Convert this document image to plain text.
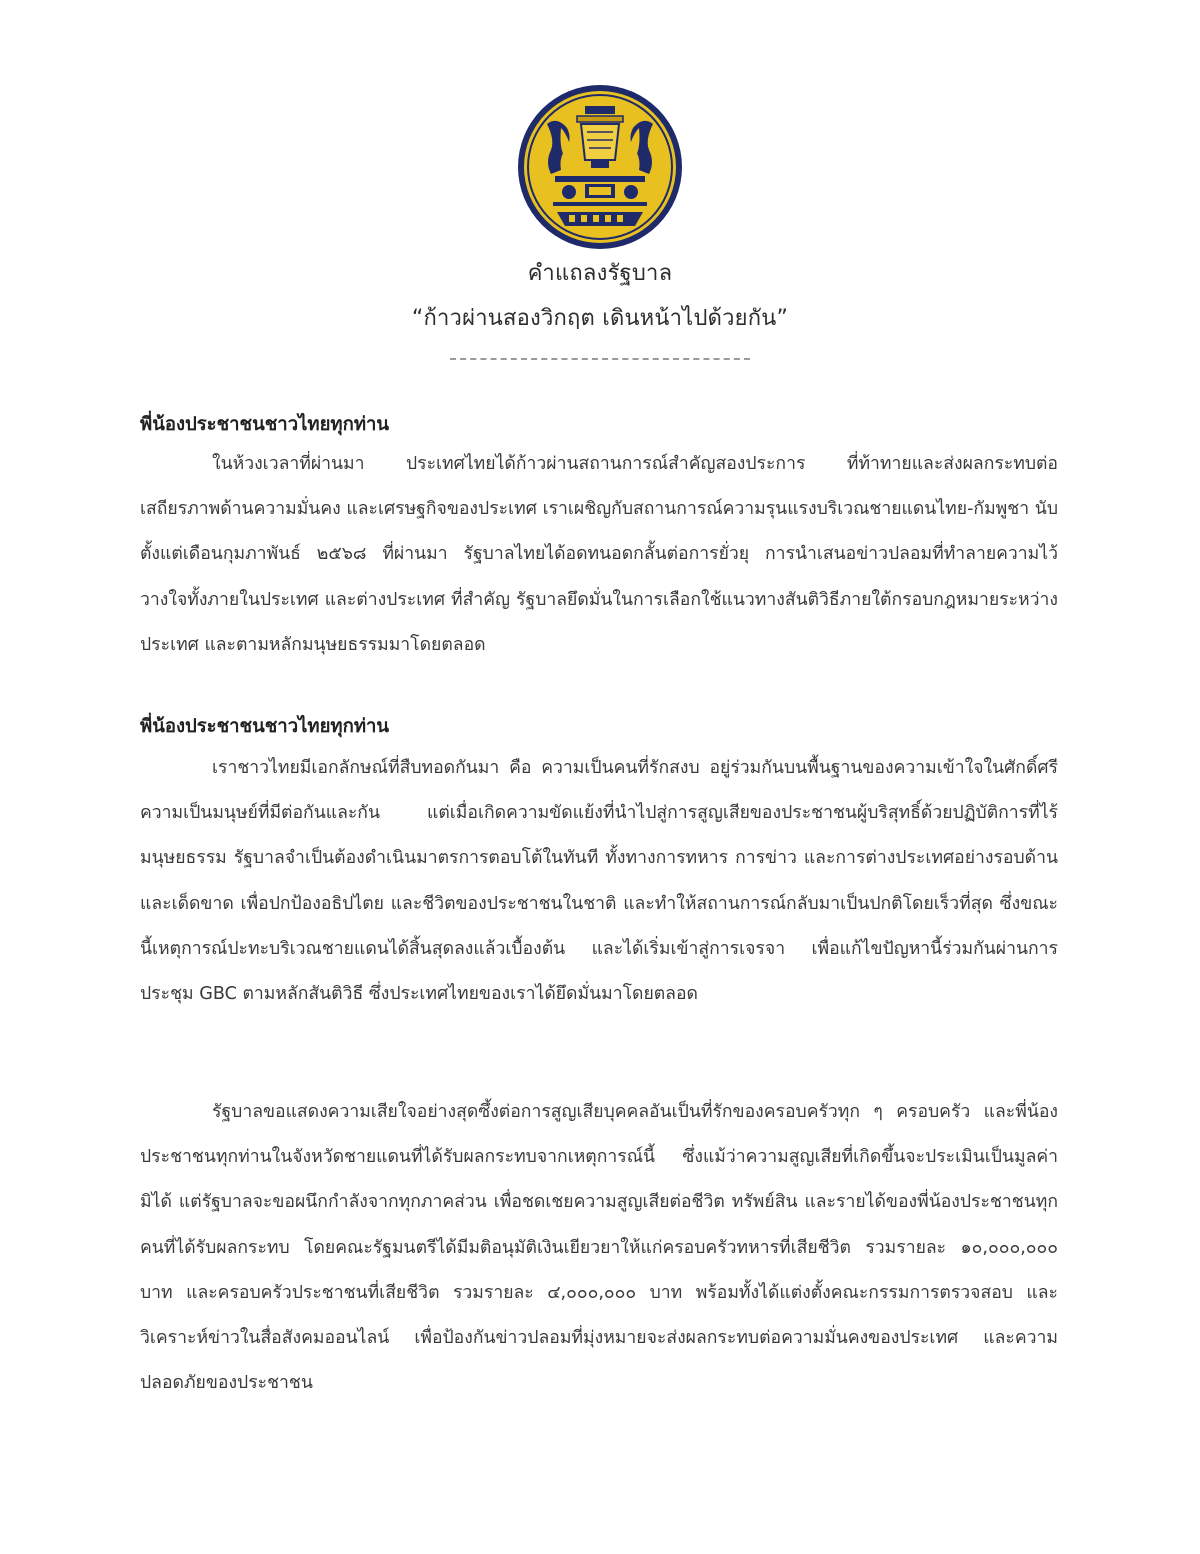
คำแถลงรัฐบาล
“ก้าวผ่านสองวิกฤต เดินหน้าไปด้วยกัน”
พี่น้องประชาชนชาวไทยทุกท่าน
ในห้วงเวลาที่ผ่านมา ประเทศไทยได้ก้าวผ่านสถานการณ์สำคัญสองประการ ที่ท้าทายและส่งผลกระทบต่อเสถียรภาพด้านความมั่นคง และเศรษฐกิจของประเทศ เราเผชิญกับสถานการณ์ความรุนแรงบริเวณชายแดนไทย-กัมพูชา นับตั้งแต่เดือนกุมภาพันธ์ ๒๕๖๘ ที่ผ่านมา รัฐบาลไทยได้อดทนอดกลั้นต่อการยั่วยุ การนำเสนอข่าวปลอมที่ทำลายความไว้วางใจทั้งภายในประเทศ และต่างประเทศ ที่สำคัญ รัฐบาลยึดมั่นในการเลือกใช้แนวทางสันติวิธีภายใต้กรอบกฎหมายระหว่างประเทศ และตามหลักมนุษยธรรมมาโดยตลอด
พี่น้องประชาชนชาวไทยทุกท่าน
เราชาวไทยมีเอกลักษณ์ที่สืบทอดกันมา คือ ความเป็นคนที่รักสงบ อยู่ร่วมกันบนพื้นฐานของความเข้าใจในศักดิ์ศรีความเป็นมนุษย์ที่มีต่อกันและกัน แต่เมื่อเกิดความขัดแย้งที่นำไปสู่การสูญเสียของประชาชนผู้บริสุทธิ์ด้วยปฏิบัติการที่ไร้มนุษยธรรม รัฐบาลจำเป็นต้องดำเนินมาตรการตอบโต้ในทันที ทั้งทางการทหาร การข่าว และการต่างประเทศอย่างรอบด้าน และเด็ดขาด เพื่อปกป้องอธิปไตย และชีวิตของประชาชนในชาติ และทำให้สถานการณ์กลับมาเป็นปกติโดยเร็วที่สุด ซึ่งขณะนี้เหตุการณ์ปะทะบริเวณชายแดนได้สิ้นสุดลงแล้วเบื้องต้น และได้เริ่มเข้าสู่การเจรจา เพื่อแก้ไขปัญหานี้ร่วมกันผ่านการประชุม GBC ตามหลักสันติวิธี ซึ่งประเทศไทยของเราได้ยึดมั่นมาโดยตลอด
รัฐบาลขอแสดงความเสียใจอย่างสุดซึ้งต่อการสูญเสียบุคคลอันเป็นที่รักของครอบครัวทุก ๆ ครอบครัว และพี่น้องประชาชนทุกท่านในจังหวัดชายแดนที่ได้รับผลกระทบจากเหตุการณ์นี้ ซึ่งแม้ว่าความสูญเสียที่เกิดขึ้นจะประเมินเป็นมูลค่ามิได้ แต่รัฐบาลจะขอผนึกกำลังจากทุกภาคส่วน เพื่อชดเชยความสูญเสียต่อชีวิต ทรัพย์สิน และรายได้ของพี่น้องประชาชนทุกคนที่ได้รับผลกระทบ โดยคณะรัฐมนตรีได้มีมติอนุมัติเงินเยียวยาให้แก่ครอบครัวทหารที่เสียชีวิต รวมรายละ ๑๐,๐๐๐,๐๐๐ บาท และครอบครัวประชาชนที่เสียชีวิต รวมรายละ ๔,๐๐๐,๐๐๐ บาท พร้อมทั้งได้แต่งตั้งคณะกรรมการตรวจสอบ และวิเคราะห์ข่าวในสื่อสังคมออนไลน์ เพื่อป้องกันข่าวปลอมที่มุ่งหมายจะส่งผลกระทบต่อความมั่นคงของประเทศ และความปลอดภัยของประชาชน
